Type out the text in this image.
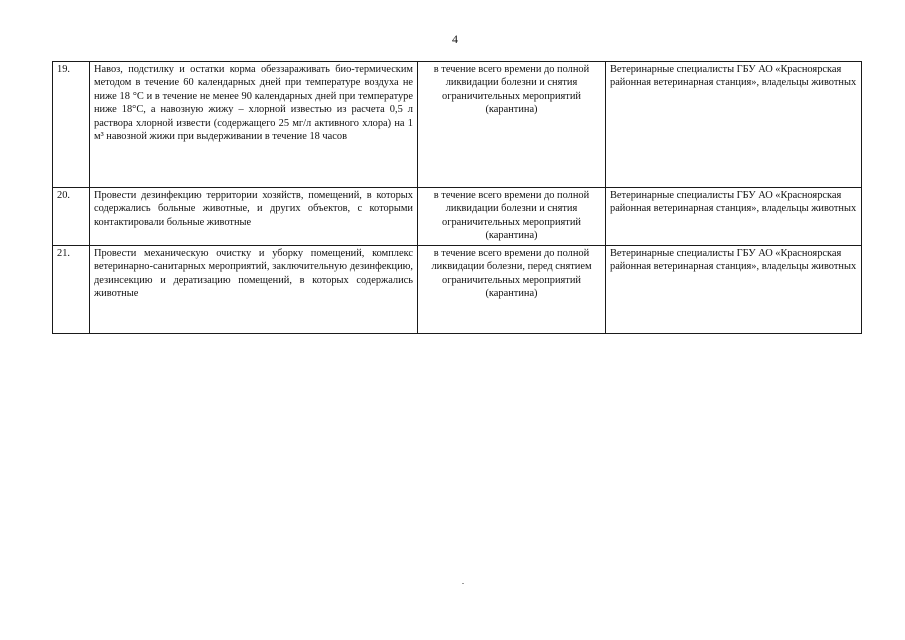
4
19.	Навоз, подстилку и остатки корма обеззараживать био-термическим методом в течение 60 календарных дней при температуре воздуха не ниже 18 °С и в течение не менее 90 календарных дней при температуре ниже 18°С, а навозную жижу – хлорной известью из расчета 0,5 л раствора хлорной извести (содержащего 25 мг/л активного хлора) на 1 м³ навозной жижи при выдерживании в течение 18 часов	в течение всего времени до полной ликвидации болезни и снятия ограничительных мероприятий (карантина)	Ветеринарные специалисты ГБУ АО «Красноярская районная ветеринарная станция», владельцы животных
20.	Провести дезинфекцию территории хозяйств, помещений, в которых содержались больные животные, и других объектов, с которыми контактировали больные животные	в течение всего времени до полной ликвидации болезни и снятия ограничительных мероприятий (карантина)	Ветеринарные специалисты ГБУ АО «Красноярская районная ветеринарная станция», владельцы животных
21.	Провести механическую очистку и уборку помещений, комплекс ветеринарно-санитарных мероприятий, заключительную дезинфекцию, дезинсекцию и дератизацию помещений, в которых содержались животные	в течение всего времени до полной ликвидации болезни, перед снятием ограничительных мероприятий (карантина)	Ветеринарные специалисты ГБУ АО «Красноярская районная ветеринарная станция», владельцы животных
